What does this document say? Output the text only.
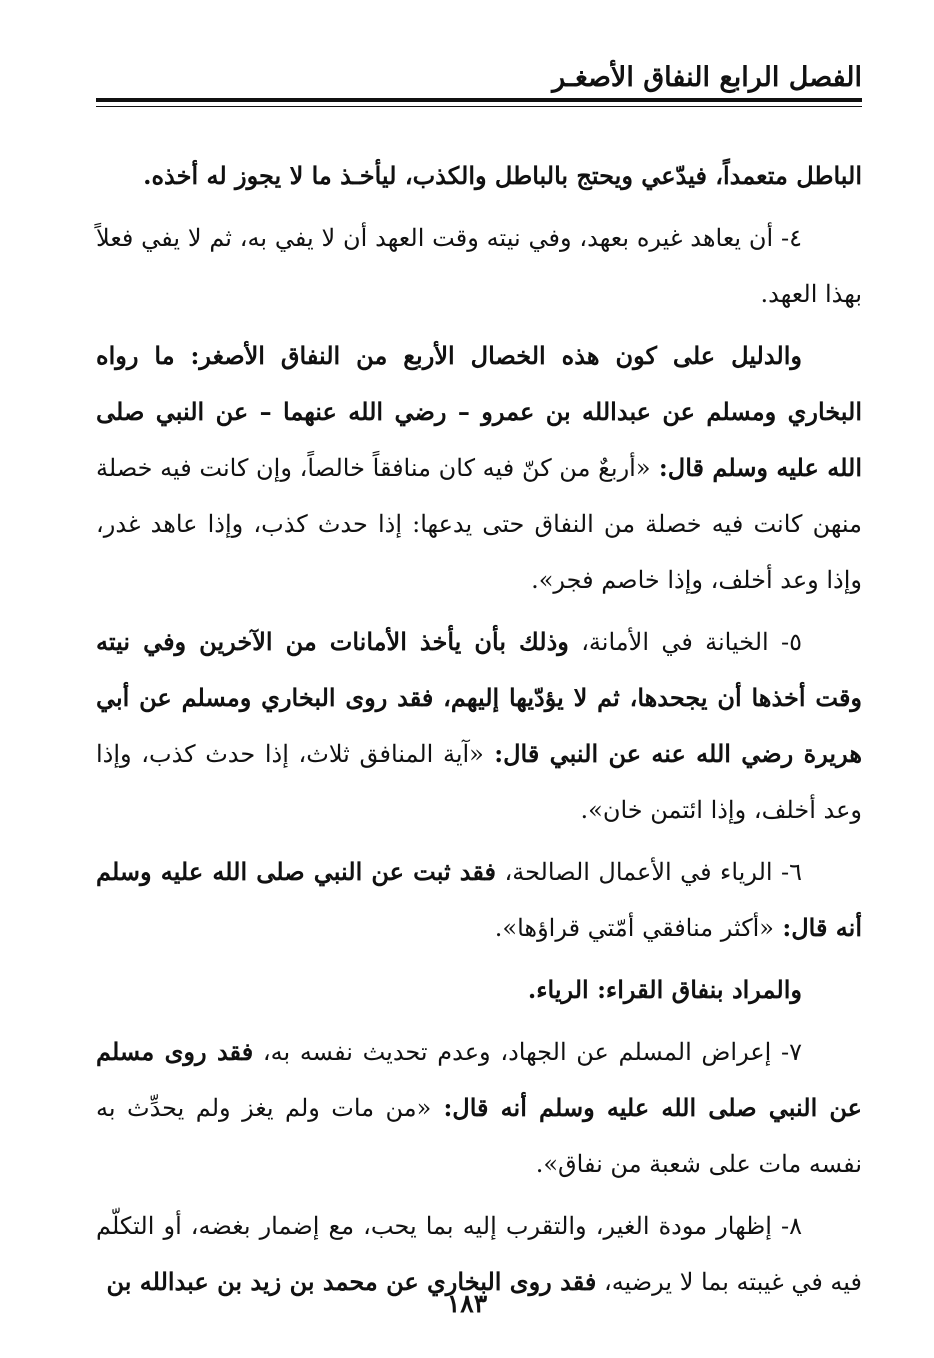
الفصل الرابع النفاق الأصغـر

الباطل متعمداً، فيدّعي ويحتج بالباطل والكذب، ليأخـذ ما لا يجوز له أخذه.

٤- أن يعاهد غيره بعهد، وفي نيته وقت العهد أن لا يفي به، ثم لا يفي فعلاً بهذا العهد.

والدليل على كون هذه الخصال الأربع من النفاق الأصغر: ما رواه البخاري ومسلم عن عبدالله بن عمرو – رضي الله عنهما – عن النبي صلى الله عليه وسلم قال: «أربعٌ من كنّ فيه كان منافقاً خالصاً، وإن كانت فيه خصلة منهن كانت فيه خصلة من النفاق حتى يدعها: إذا حدث كذب، وإذا عاهد غدر، وإذا وعد أخلف، وإذا خاصم فجر».

٥- الخيانة في الأمانة، وذلك بأن يأخذ الأمانات من الآخرين وفي نيته وقت أخذها أن يجحدها، ثم لا يؤدّيها إليهم، فقد روى البخاري ومسلم عن أبي هريرة رضي الله عنه عن النبي قال: «آية المنافق ثلاث، إذا حدث كذب، وإذا وعد أخلف، وإذا ائتمن خان».

٦- الرياء في الأعمال الصالحة، فقد ثبت عن النبي صلى الله عليه وسلم أنه قال: «أكثر منافقي أمّتي قراؤها».

والمراد بنفاق القراء: الرياء.

٧- إعراض المسلم عن الجهاد، وعدم تحديث نفسه به، فقد روى مسلم عن النبي صلى الله عليه وسلم أنه قال: «من مات ولم يغز ولم يحدِّث به نفسه مات على شعبة من نفاق».

٨- إظهار مودة الغير، والتقرب إليه بما يحب، مع إضمار بغضه، أو التكلّم فيه في غيبته بما لا يرضيه، فقد روى البخاري عن محمد بن زيد بن عبدالله بن

١٨٣
